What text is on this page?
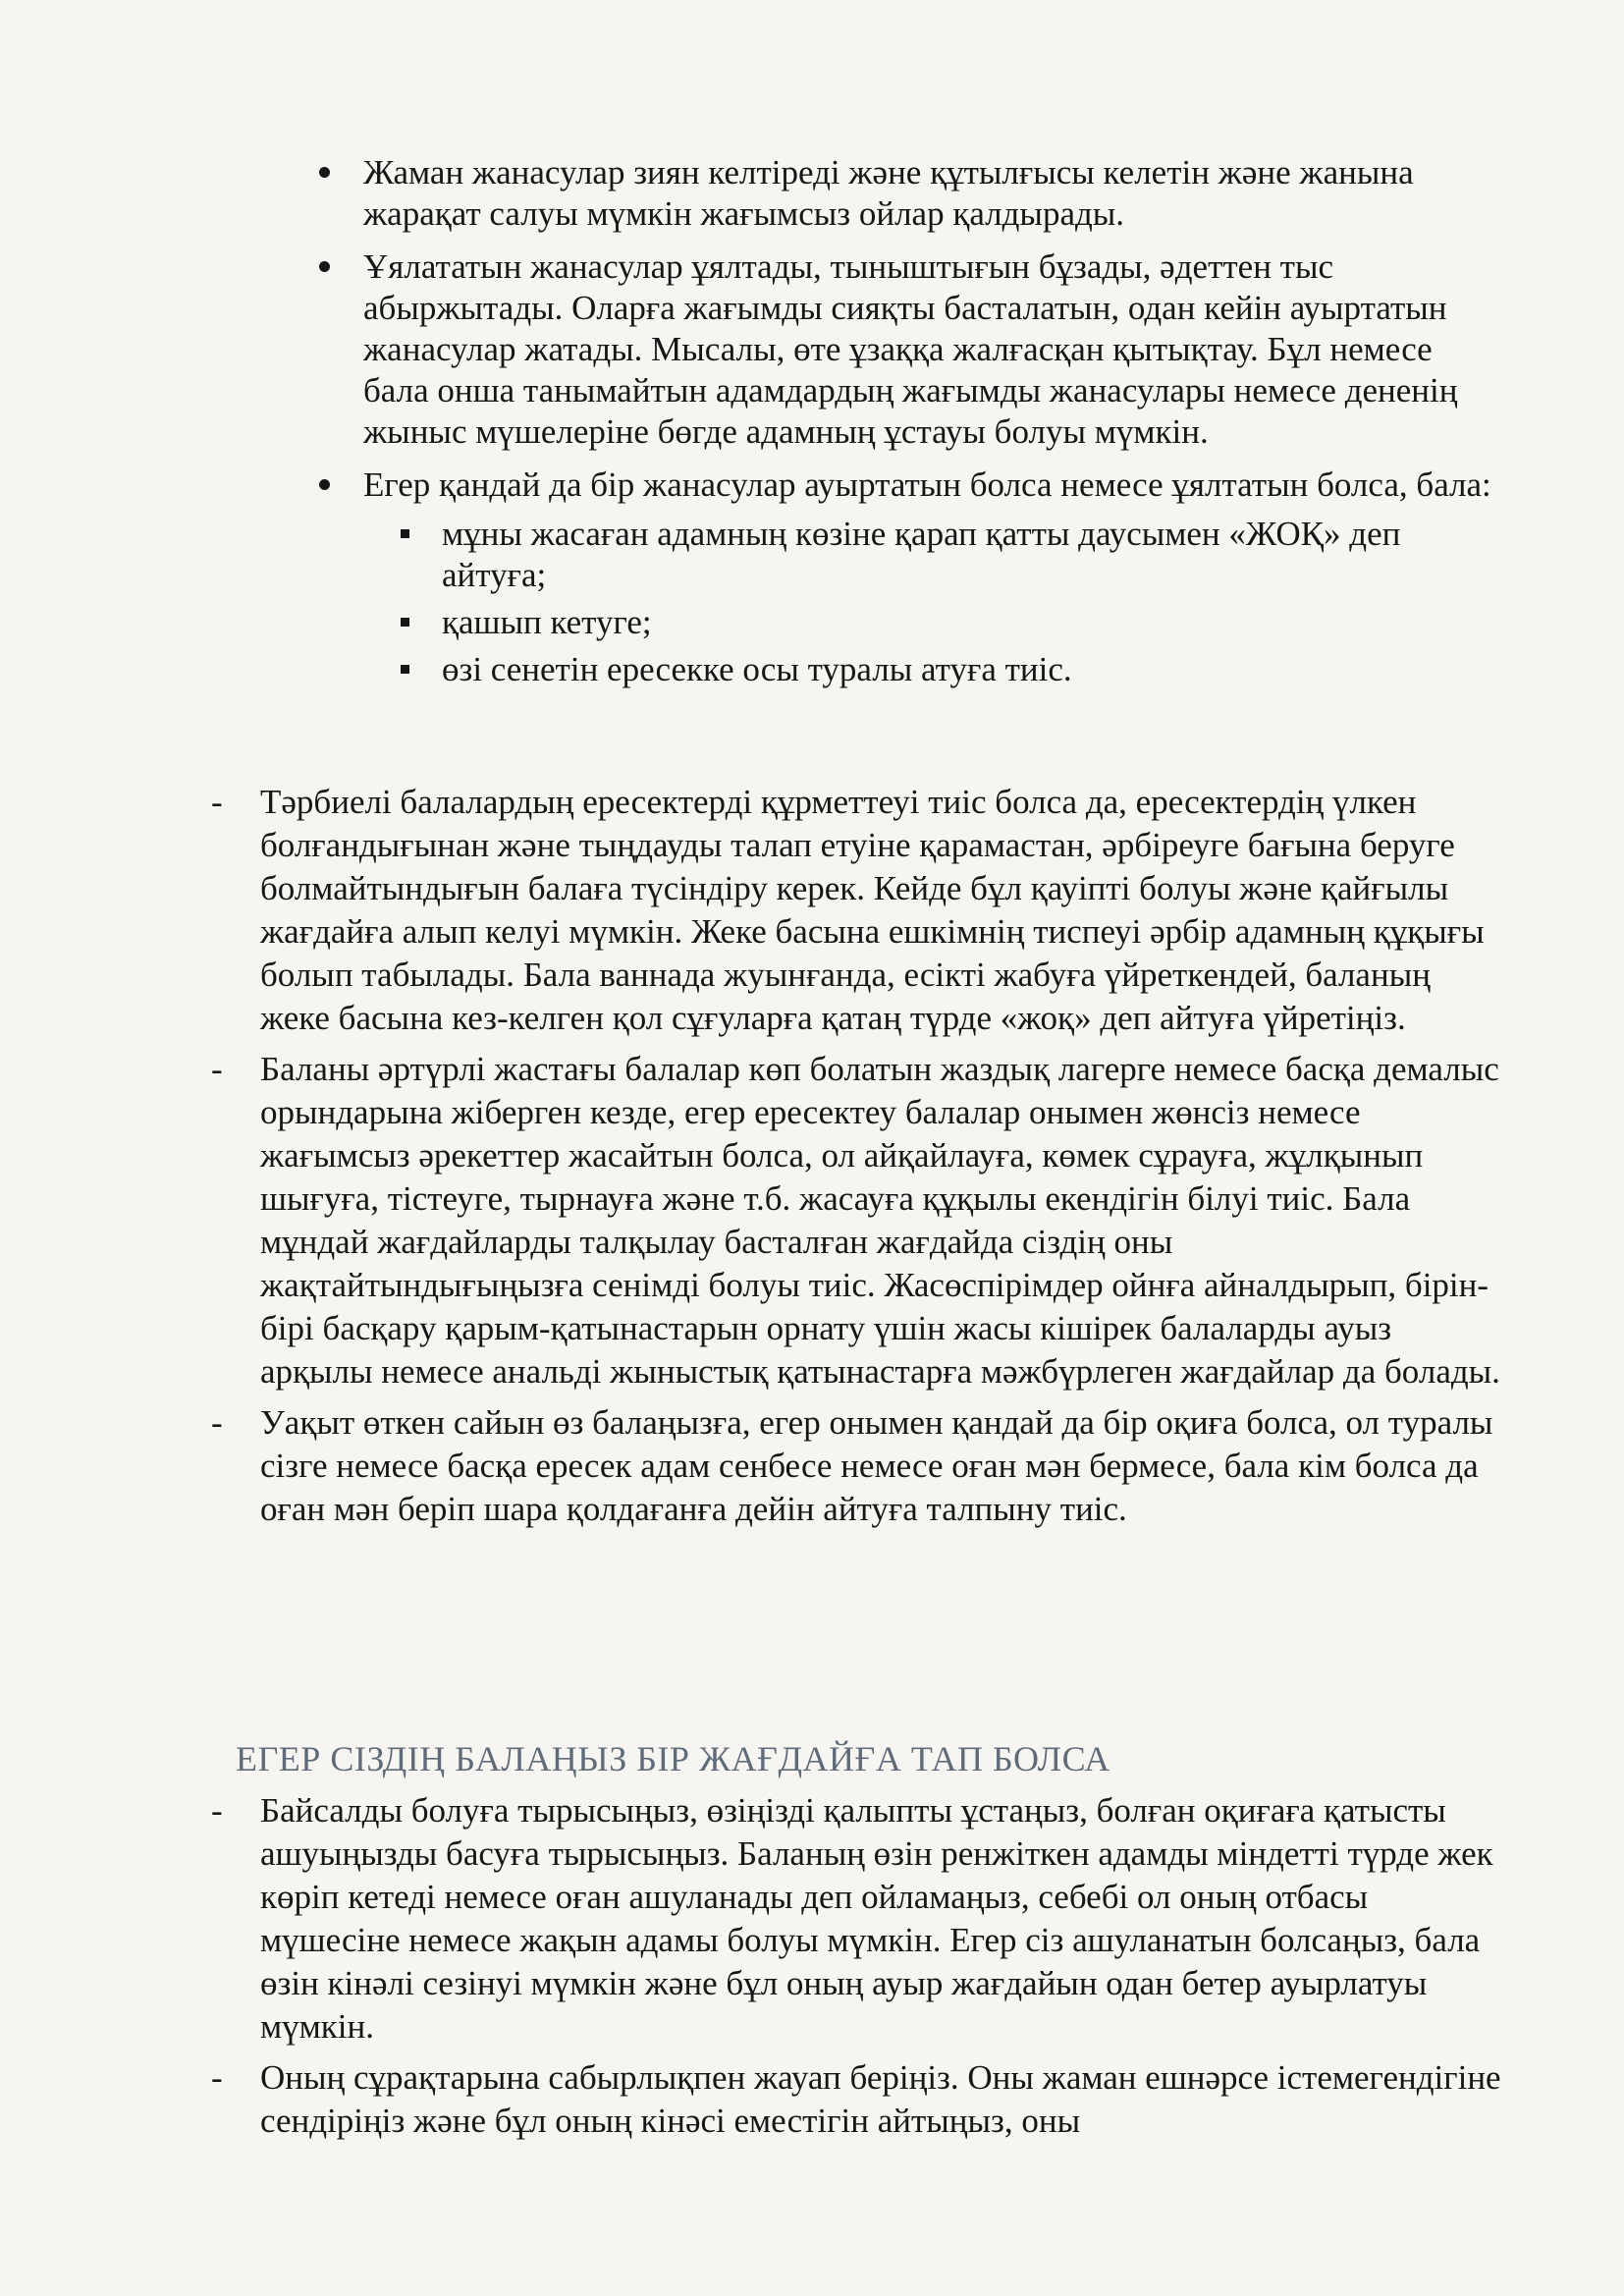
Жаман жанасулар зиян келтіреді және құтылғысы келетін және жанына жарақат салуы мүмкін жағымсыз ойлар қалдырады.
Ұялататын жанасулар ұялтады, тыныштығын бұзады, әдеттен тыс абыржытады. Оларға жағымды сияқты басталатын, одан кейін ауыртатын жанасулар жатады. Мысалы, өте ұзаққа жалғасқан қытықтау. Бұл немесе бала онша танымайтын адамдардың жағымды жанасулары немесе дененің жыныс мүшелеріне бөгде адамның ұстауы болуы мүмкін.
Егер қандай да бір жанасулар ауыртатын болса немесе ұялтатын болса, бала:
мұны жасаған адамның көзіне қарап қатты даусымен «ЖОҚ» деп айтуға;
қашып кетуге;
өзі сенетін ересекке осы туралы атуға тиіс.
- Тәрбиелі балалардың ересектерді құрметтеуі тиіс болса да, ересектердің үлкен болғандығынан және тыңдауды талап етуіне қарамастан, әрбіреуге бағына беруге болмайтындығын балаға түсіндіру керек. Кейде бұл қауіпті болуы және қайғылы жағдайға алып келуі мүмкін. Жеке басына ешкімнің тиспеуі әрбір адамның құқығы болып табылады. Бала ваннада жуынғанда, есікті жабуға үйреткендей, баланың жеке басына кез-келген қол сұғуларға қатаң түрде «жоқ» деп айтуға үйретіңіз.
- Баланы әртүрлі жастағы балалар көп болатын жаздық лагерге немесе басқа демалыс орындарына жіберген кезде, егер ересектеу балалар онымен жөнсіз немесе жағымсыз әрекеттер жасайтын болса, ол айқайлауға, көмек сұрауға, жұлқынып шығуға, тістеуге, тырнауға және т.б. жасауға құқылы екендігін білуі тиіс. Бала мұндай жағдайларды талқылау басталған жағдайда сіздің оны жақтайтындығыңызға сенімді болуы тиіс. Жасөспірімдер ойнға айналдырып, бірін-бірі басқару қарым-қатынастарын орнату үшін жасы кішірек балаларды ауыз арқылы немесе анальді жыныстық қатынастарға мәжбүрлеген жағдайлар да болады.
- Уақыт өткен сайын өз балаңызға, егер онымен қандай да бір оқиға болса, ол туралы сізге немесе басқа ересек адам сенбесе немесе оған мән бермесе, бала кім болса да оған мән беріп шара қолдағанға дейін айтуға талпыну тиіс.
ЕГЕР СІЗДІҢ БАЛАҢЫЗ БІР ЖАҒДАЙҒА ТАП БОЛСА
- Байсалды болуға тырысыңыз, өзіңізді қалыпты ұстаңыз, болған оқиғаға қатысты ашуыңызды басуға тырысыңыз. Баланың өзін ренжіткен адамды міндетті түрде жек көріп кетеді немесе оған ашуланады деп ойламаңыз, себебі ол оның отбасы мүшесіне немесе жақын адамы болуы мүмкін. Егер сіз ашуланатын болсаңыз, бала өзін кінәлі сезінуі мүмкін және бұл оның ауыр жағдайын одан бетер ауырлатуы мүмкін.
- Оның сұрақтарына сабырлықпен жауап беріңіз. Оны жаман ешнәрсе істемегендігіне сендіріңіз және бұл оның кінәсі еместігін айтыңыз, оны
